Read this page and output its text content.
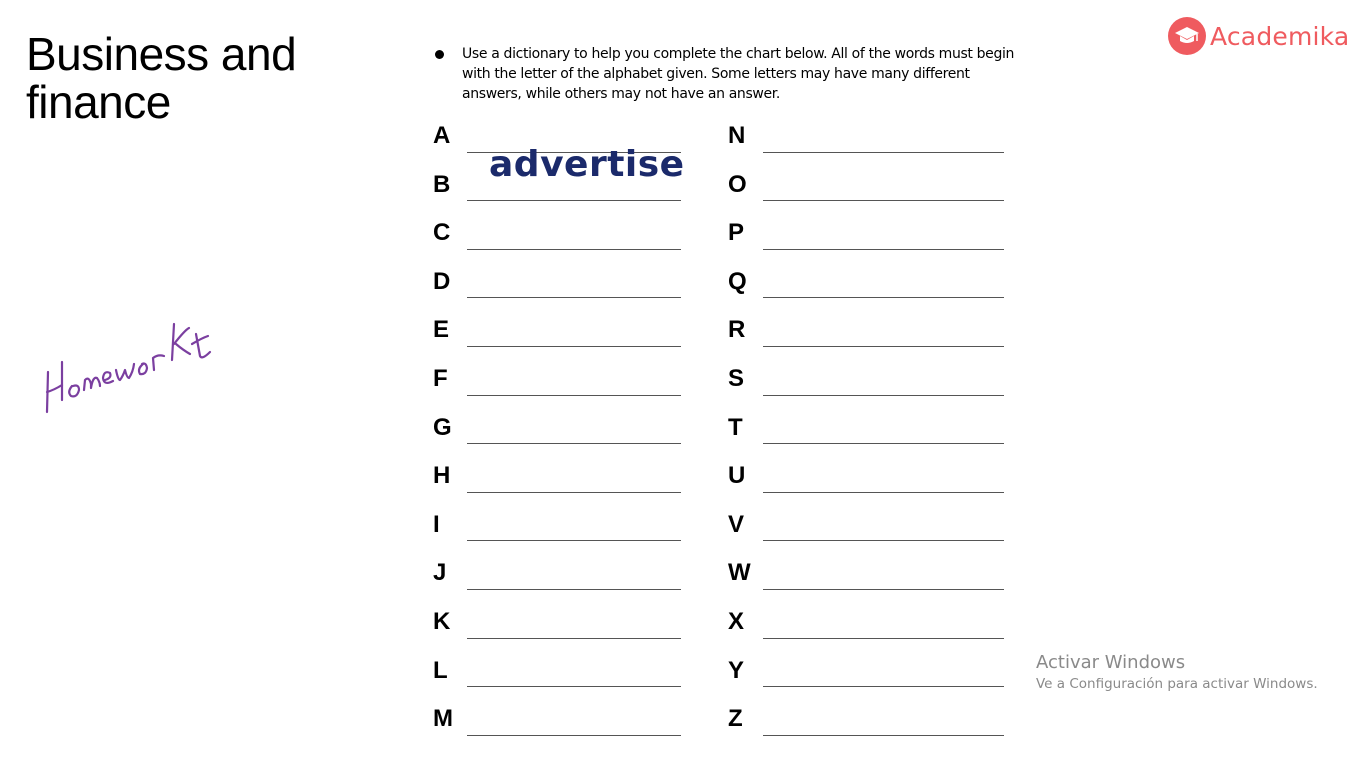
Business and finance
Academika
Use a dictionary to help you complete the chart below. All of the words must begin with the letter of the alphabet given. Some letters may have many different answers, while others may not have an answer.
A
advertise
B
C
D
E
F
G
H
I
J
K
L
M
N
O
P
Q
R
S
T
U
V
W
X
Y
Z
Activar Windows
Ve a Configuración para activar Windows.
